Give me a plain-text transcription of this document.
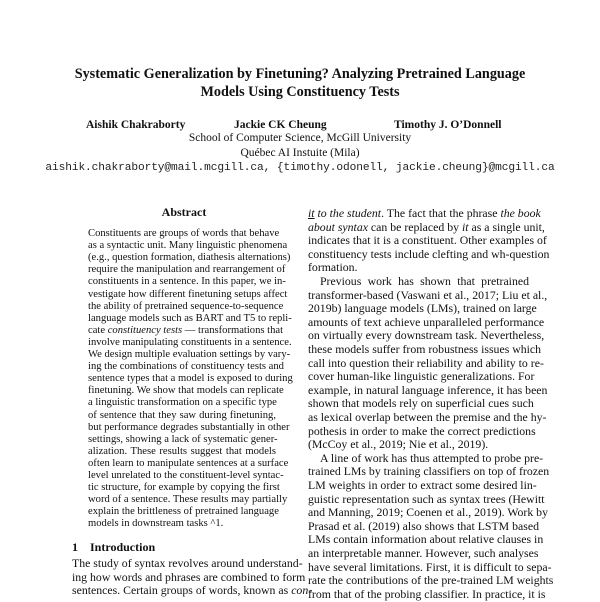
Systematic Generalization by Finetuning? Analyzing Pretrained Language
Models Using Constituency Tests
Aishik Chakraborty	Jackie CK Cheung	Timothy J. O’Donnell
School of Computer Science, McGill University
Québec AI Instuite (Mila)
aishik.chakraborty@mail.mcgill.ca, {timothy.odonell, jackie.cheung}@mcgill.ca
Abstract
Constituents are groups of words that behave
as a syntactic unit. Many linguistic phenomena
(e.g., question formation, diathesis alternations)
require the manipulation and rearrangement of
constituents in a sentence. In this paper, we in-
vestigate how different finetuning setups affect
the ability of pretrained sequence-to-sequence
language models such as BART and T5 to repli-
cate constituency tests — transformations that
involve manipulating constituents in a sentence.
We design multiple evaluation settings by vary-
ing the combinations of constituency tests and
sentence types that a model is exposed to during
finetuning. We show that models can replicate
a linguistic transformation on a specific type
of sentence that they saw during finetuning,
but performance degrades substantially in other
settings, showing a lack of systematic gener-
alization. These results suggest that models
often learn to manipulate sentences at a surface
level unrelated to the constituent-level syntac-
tic structure, for example by copying the first
word of a sentence. These results may partially
explain the brittleness of pretrained language
models in downstream tasks ^1.
1 Introduction
The study of syntax revolves around understand-
ing how words and phrases are combined to form
sentences. Certain groups of words, known as con-
it to the student. The fact that the phrase the book
about syntax can be replaced by it as a single unit,
indicates that it is a constituent. Other examples of
constituency tests include clefting and wh-question
formation.
Previous work has shown that pretrained
transformer-based (Vaswani et al., 2017; Liu et al.,
2019b) language models (LMs), trained on large
amounts of text achieve unparalleled performance
on virtually every downstream task. Nevertheless,
these models suffer from robustness issues which
call into question their reliability and ability to re-
cover human-like linguistic generalizations. For
example, in natural language inference, it has been
shown that models rely on superficial cues such
as lexical overlap between the premise and the hy-
pothesis in order to make the correct predictions
(McCoy et al., 2019; Nie et al., 2019).
A line of work has thus attempted to probe pre-
trained LMs by training classifiers on top of frozen
LM weights in order to extract some desired lin-
guistic representation such as syntax trees (Hewitt
and Manning, 2019; Coenen et al., 2019). Work by
Prasad et al. (2019) also shows that LSTM based
LMs contain information about relative clauses in
an interpretable manner. However, such analyses
have several limitations. First, it is difficult to sepa-
rate the contributions of the pre-trained LM weights
from that of the probing classifier. In practice, it is
